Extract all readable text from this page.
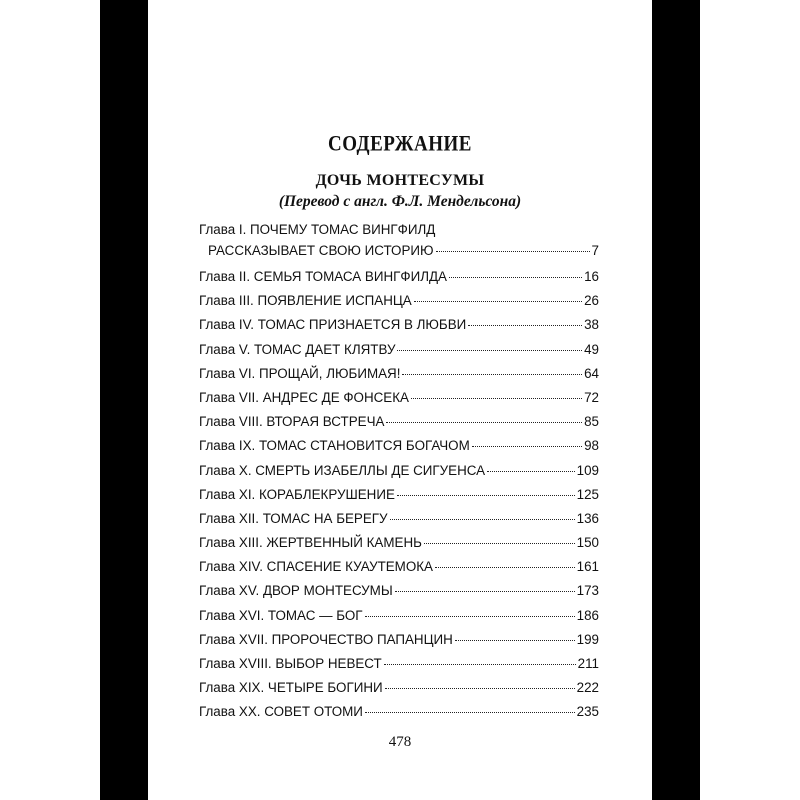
СОДЕРЖАНИЕ
ДОЧЬ МОНТЕСУМЫ
(Перевод с англ. Ф.Л. Мендельсона)
Глава I. ПОЧЕМУ ТОМАС ВИНГФИЛД
РАССКАЗЫВАЕТ СВОЮ ИСТОРИЮ	7
Глава II. СЕМЬЯ ТОМАСА ВИНГФИЛДА	16
Глава III. ПОЯВЛЕНИЕ ИСПАНЦА	26
Глава IV. ТОМАС ПРИЗНАЕТСЯ В ЛЮБВИ	38
Глава V. ТОМАС ДАЕТ КЛЯТВУ	49
Глава VI. ПРОЩАЙ, ЛЮБИМАЯ!	64
Глава VII. АНДРЕС ДЕ ФОНСЕКА	72
Глава VIII. ВТОРАЯ ВСТРЕЧА	85
Глава IX. ТОМАС СТАНОВИТСЯ БОГАЧОМ	98
Глава X. СМЕРТЬ ИЗАБЕЛЛЫ ДЕ СИГУЕНСА	109
Глава XI. КОРАБЛЕКРУШЕНИЕ	125
Глава XII. ТОМАС НА БЕРЕГУ	136
Глава XIII. ЖЕРТВЕННЫЙ КАМЕНЬ	150
Глава XIV. СПАСЕНИЕ КУАУТЕМОКА	161
Глава XV. ДВОР МОНТЕСУМЫ	173
Глава XVI. ТОМАС — БОГ	186
Глава XVII. ПРОРОЧЕСТВО ПАПАНЦИН	199
Глава XVIII. ВЫБОР НЕВЕСТ	211
Глава XIX. ЧЕТЫРЕ БОГИНИ	222
Глава XX. СОВЕТ ОТОМИ	235
478
